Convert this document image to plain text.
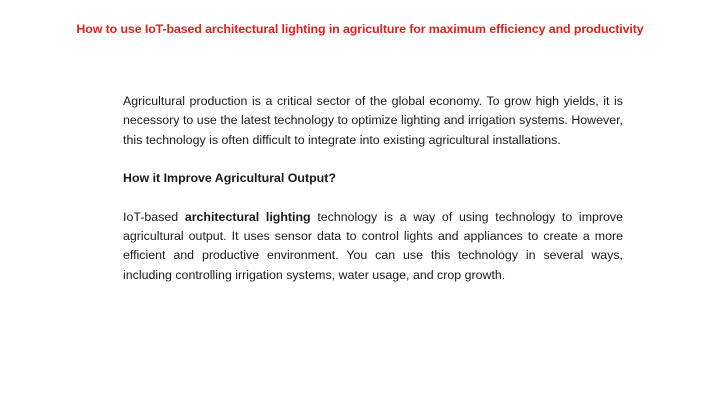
How to use IoT-based architectural lighting in agriculture for maximum efficiency and productivity

Agricultural production is a critical sector of the global economy. To grow high yields, it is necessory to use the latest technology to optimize lighting and irrigation systems. However, this technology is often difficult to integrate into existing agricultural installations.

How it Improve Agricultural Output?

IoT-based architectural lighting technology is a way of using technology to improve agricultural output. It uses sensor data to control lights and appliances to create a more efficient and productive environment. You can use this technology in several ways, including controlling irrigation systems, water usage, and crop growth.
